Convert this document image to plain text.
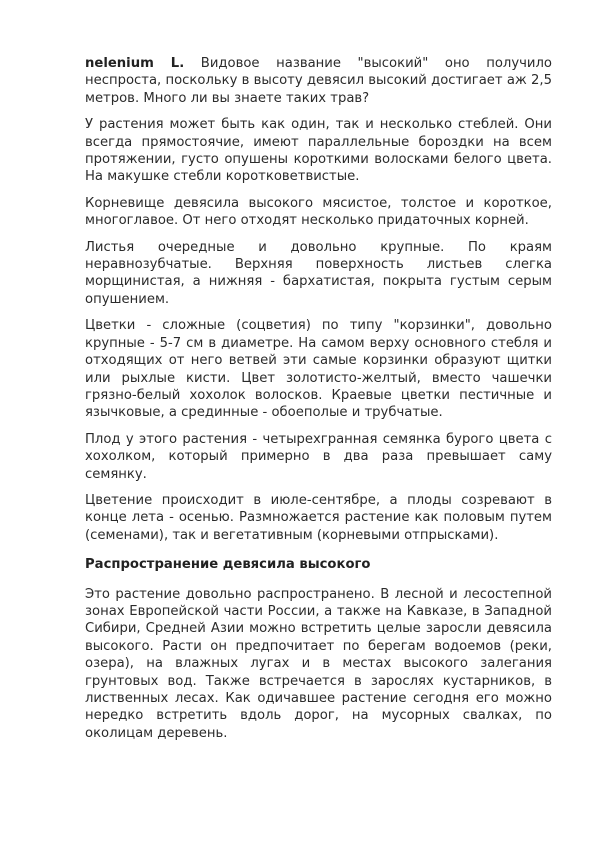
nelenium L. Видовое название "высокий" оно получило неспроста, поскольку в высоту девясил высокий достигает аж 2,5 метров. Много ли вы знаете таких трав?

У растения может быть как один, так и несколько стеблей. Они всегда прямостоячие, имеют параллельные бороздки на всем протяжении, густо опушены короткими волосками белого цвета. На макушке стебли коротковетвистые.

Корневище девясила высокого мясистое, толстое и короткое, многоглавое. От него отходят несколько придаточных корней.

Листья очередные и довольно крупные. По краям неравнозубчатые. Верхняя поверхность листьев слегка морщинистая, а нижняя - бархатистая, покрыта густым серым опушением.

Цветки - сложные (соцветия) по типу "корзинки", довольно крупные - 5-7 см в диаметре. На самом верху основного стебля и отходящих от него ветвей эти самые корзинки образуют щитки или рыхлые кисти. Цвет золотисто-желтый, вместо чашечки грязно-белый хохолок волосков. Краевые цветки пестичные и язычковые, а срединные - обоеполые и трубчатые.

Плод у этого растения - четырехгранная семянка бурого цвета с хохолком, который примерно в два раза превышает саму семянку.

Цветение происходит в июле-сентябре, а плоды созревают в конце лета - осенью. Размножается растение как половым путем (семенами), так и вегетативным (корневыми отпрысками).

Распространение девясила высокого

Это растение довольно распространено. В лесной и лесостепной зонах Европейской части России, а также на Кавказе, в Западной Сибири, Средней Азии можно встретить целые заросли девясила высокого. Расти он предпочитает по берегам водоемов (реки, озера), на влажных лугах и в местах высокого залегания грунтовых вод. Также встречается в зарослях кустарников, в лиственных лесах. Как одичавшее растение сегодня его можно нередко встретить вдоль дорог, на мусорных свалках, по околицам деревень.
